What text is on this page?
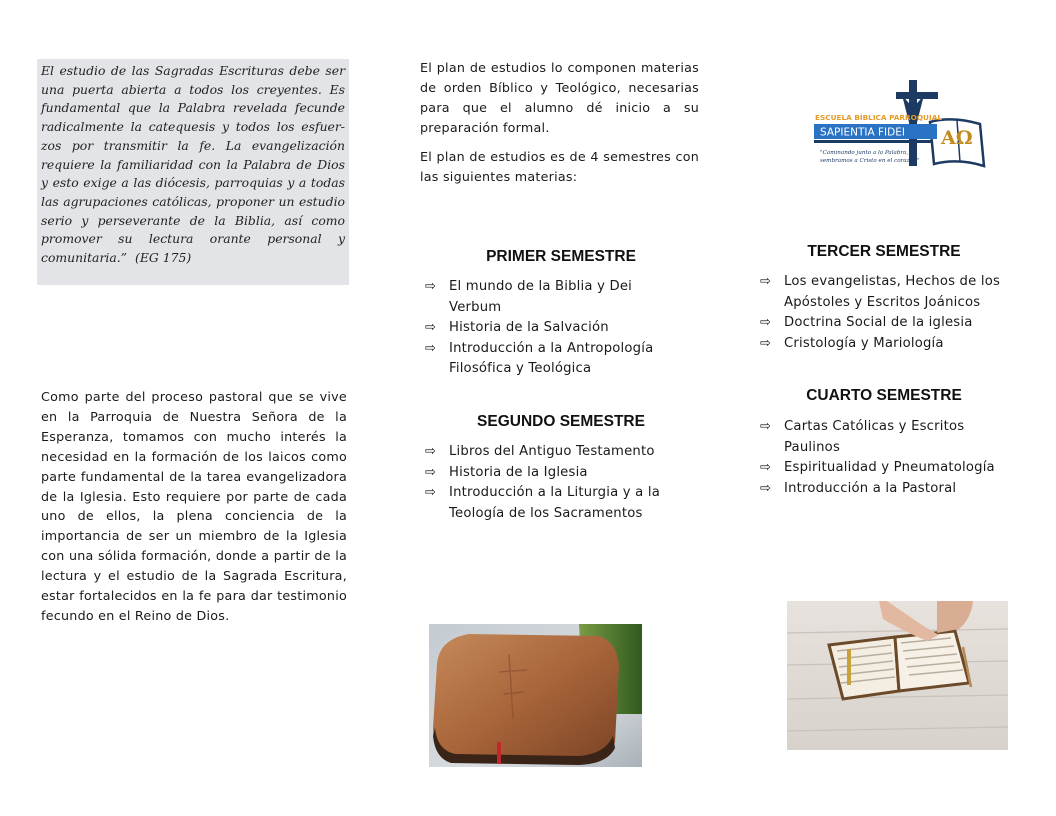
El estudio de las Sagradas Escrituras debe ser una puerta abierta a todos los creyentes. Es fundamental que la Palabra revelada fecunde radicalmente la catequesis y todos los esfuer-zos por transmitir la fe. La evangelización requiere la familiaridad con la Palabra de Dios y esto exige a las diócesis, parroquias y a todas las agrupaciones católicas, proponer un estudio serio y perseverante de la Biblia, así como promover su lectura orante personal y comunitaria.” (EG 175)

Como parte del proceso pastoral que se vive en la Parroquia de Nuestra Señora de la Esperanza, tomamos con mucho interés la necesidad en la formación de los laicos como parte fundamental de la tarea evangelizadora de la Iglesia. Esto requiere por parte de cada uno de ellos, la plena conciencia de la importancia de ser un miembro de la Iglesia con una sólida formación, donde a partir de la lectura y el estudio de la Sagrada Escritura, estar fortalecidos en la fe para dar testimonio fecundo en el Reino de Dios.

El plan de estudios lo componen materias de orden Bíblico y Teológico, necesarias para que el alumno dé inicio a su preparación formal.

El plan de estudios es de 4 semestres con las siguientes materias:

PRIMER SEMESTRE
⇨ El mundo de la Biblia y Dei Verbum
⇨ Historia de la Salvación
⇨ Introducción a la Antropología Filosófica y Teológica
SEGUNDO SEMESTRE
⇨ Libros del Antiguo Testamento
⇨ Historia de la Iglesia
⇨ Introducción a la Liturgia y a la Teología de los Sacramentos
TERCER SEMESTRE
⇨ Los evangelistas, Hechos de los Apóstoles y Escritos Joánicos
⇨ Doctrina Social de la iglesia
⇨ Cristología y Mariología
CUARTO SEMESTRE
⇨ Cartas Católicas y Escritos Paulinos
⇨ Espiritualidad y Pneumatología
⇨ Introducción a la Pastoral
AΩ
ESCUELA BÍBLICA PARROQUIAL
SAPIENTIA FIDEI
"Caminando junto a la Palabra,
sembramos a Cristo en el corazón"
